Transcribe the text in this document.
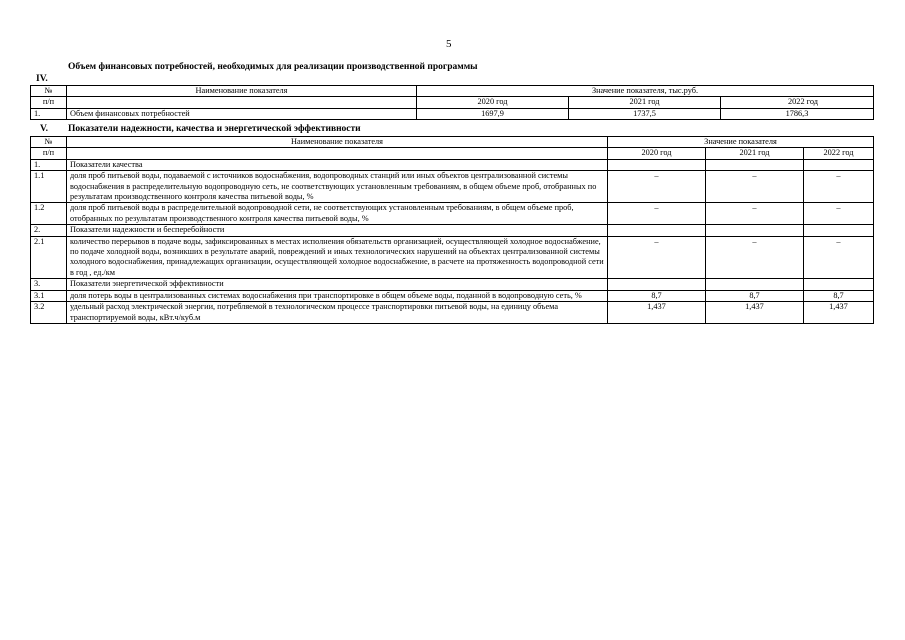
5
Объем финансовых потребностей, необходимых для реализации производственной программы
IV.
№	Наименование показателя	Значение показателя, тыс.руб.		
п/п		2020 год	2021 год	2022 год
1.	Объем финансовых потребностей	1697,9	1737,5	1786,3
V. Показатели надежности, качества и энергетической эффективности
№	Наименование показателя	Значение показателя		
п/п		2020 год	2021 год	2022 год
1.	Показатели качества			
1.1	доля проб питьевой воды, подаваемой с источников водоснабжения, водопроводных станций или иных объектов централизованной системы водоснабжения в распределительную водопроводную сеть, не соответствующих установленным требованиям, в общем объеме проб, отобранных по результатам производственного контроля качества питьевой воды, %	–	–	–
1.2	доля проб питьевой воды в распределительной водопроводной сети, не соответствующих установленным требованиям, в общем объеме проб, отобранных по результатам производственного контроля качества питьевой воды, %	–	–	–
2.	Показатели надежности и бесперебойности			
2.1	количество перерывов в подаче воды, зафиксированных в местах исполнения обязательств организацией, осуществляющей холодное водоснабжение, по подаче холодной воды, возникших в результате аварий, повреждений и иных технологических нарушений на объектах централизованной системы холодного водоснабжения, принадлежащих организации, осуществляющей холодное водоснабжение, в расчете на протяженность водопроводной сети в год , ед./км	–	–	–
3.	Показатели энергетической эффективности			
3.1	доля потерь воды в централизованных системах водоснабжения при транспортировке в общем объеме воды, поданной в водопроводную сеть, %	8,7	8,7	8,7
3.2	удельный расход электрической энергии, потребляемой в технологическом процессе транспортировки питьевой воды, на единицу объема транспортируемой воды, кВт.ч/куб.м	1,437	1,437	1,437
